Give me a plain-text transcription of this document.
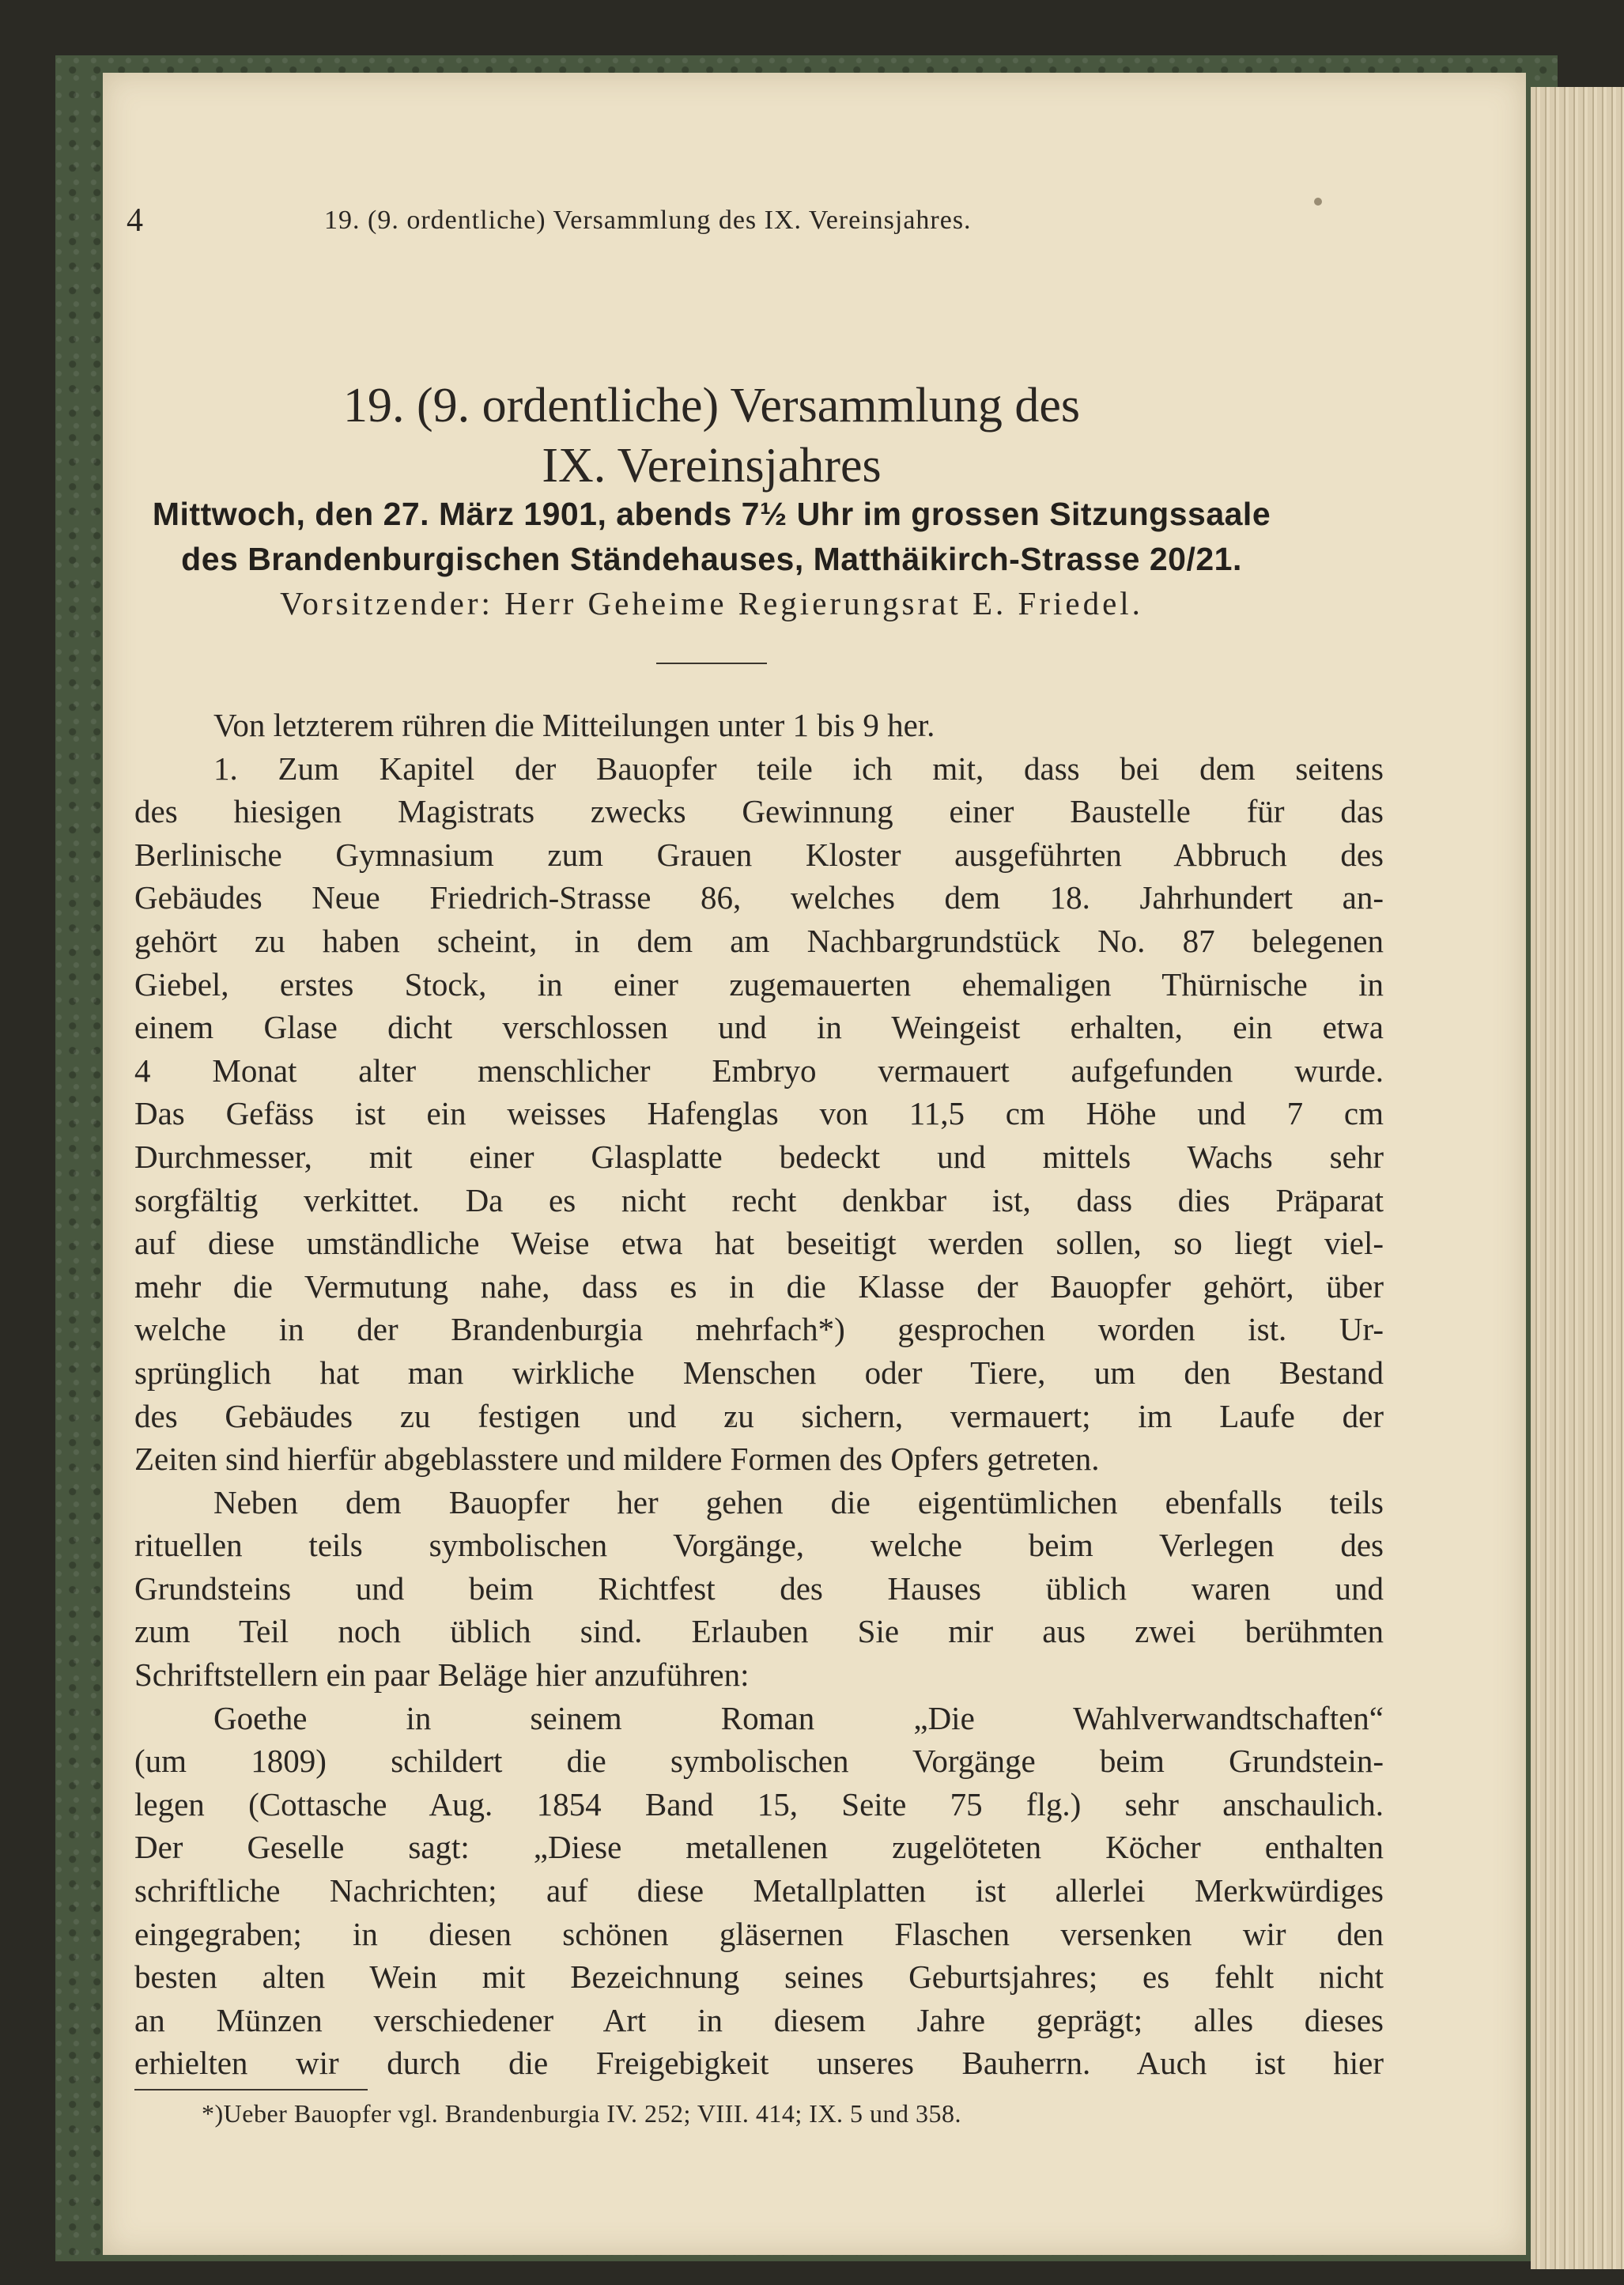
4	19. (9. ordentliche) Versammlung des IX. Vereinsjahres.
19. (9. ordentliche) Versammlung des
IX. Vereinsjahres
Mittwoch, den 27. März 1901, abends 7½ Uhr im grossen Sitzungssaale
des Brandenburgischen Ständehauses, Matthäikirch-Strasse 20/21.
Vorsitzender: Herr Geheime Regierungsrat E. Friedel.
Von letzterem rühren die Mitteilungen unter 1 bis 9 her.
1. Zum Kapitel der Bauopfer teile ich mit, dass bei dem seitens
des hiesigen Magistrats zwecks Gewinnung einer Baustelle für das
Berlinische Gymnasium zum Grauen Kloster ausgeführten Abbruch des
Gebäudes Neue Friedrich-Strasse 86, welches dem 18. Jahrhundert an-
gehört zu haben scheint, in dem am Nachbargrundstück No. 87 belegenen
Giebel, erstes Stock, in einer zugemauerten ehemaligen Thürnische in
einem Glase dicht verschlossen und in Weingeist erhalten, ein etwa
4 Monat alter menschlicher Embryo vermauert aufgefunden wurde.
Das Gefäss ist ein weisses Hafenglas von 11,5 cm Höhe und 7 cm
Durchmesser, mit einer Glasplatte bedeckt und mittels Wachs sehr
sorgfältig verkittet. Da es nicht recht denkbar ist, dass dies Präparat
auf diese umständliche Weise etwa hat beseitigt werden sollen, so liegt viel-
mehr die Vermutung nahe, dass es in die Klasse der Bauopfer gehört, über
welche in der Brandenburgia mehrfach*) gesprochen worden ist. Ur-
sprünglich hat man wirkliche Menschen oder Tiere, um den Bestand
des Gebäudes zu festigen und zu sichern, vermauert; im Laufe der
Zeiten sind hierfür abgeblasstere und mildere Formen des Opfers getreten.
Neben dem Bauopfer her gehen die eigentümlichen ebenfalls teils
rituellen teils symbolischen Vorgänge, welche beim Verlegen des
Grundsteins und beim Richtfest des Hauses üblich waren und
zum Teil noch üblich sind. Erlauben Sie mir aus zwei berühmten
Schriftstellern ein paar Beläge hier anzuführen:
Goethe in seinem Roman „Die Wahlverwandtschaften“
(um 1809) schildert die symbolischen Vorgänge beim Grundstein-
legen (Cottasche Aug. 1854 Band 15, Seite 75 flg.) sehr anschaulich.
Der Geselle sagt: „Diese metallenen zugelöteten Köcher enthalten
schriftliche Nachrichten; auf diese Metallplatten ist allerlei Merkwürdiges
eingegraben; in diesen schönen gläsernen Flaschen versenken wir den
besten alten Wein mit Bezeichnung seines Geburtsjahres; es fehlt nicht
an Münzen verschiedener Art in diesem Jahre geprägt; alles dieses
erhielten wir durch die Freigebigkeit unseres Bauherrn. Auch ist hier
*)Ueber Bauopfer vgl. Brandenburgia IV. 252; VIII. 414; IX. 5 und 358.
